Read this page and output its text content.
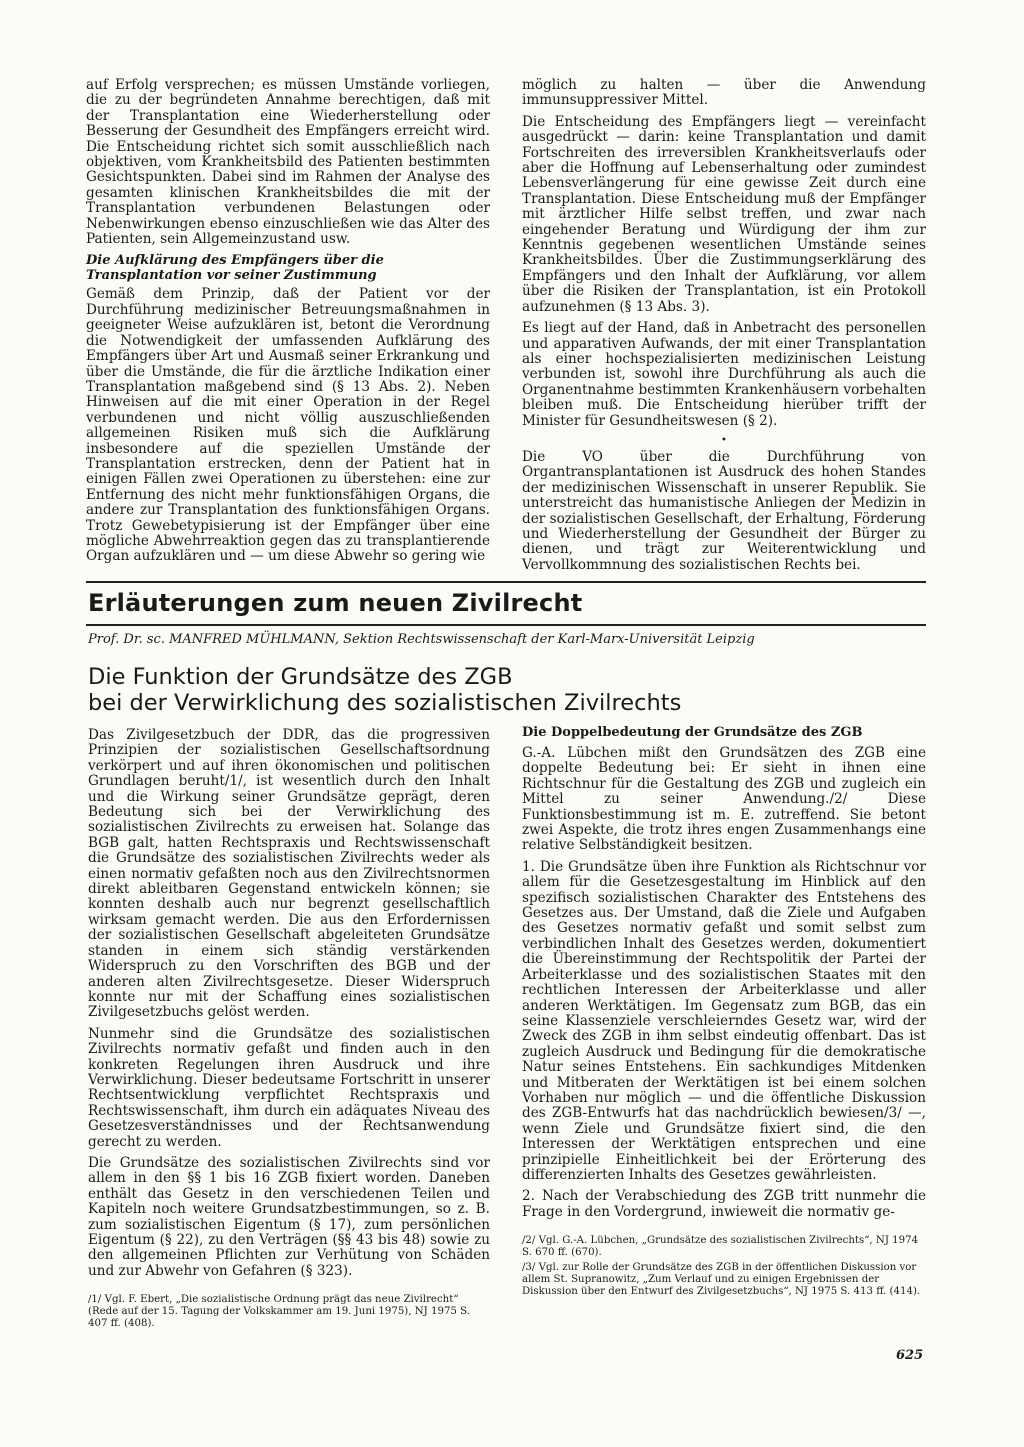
auf Erfolg versprechen; es müssen Umstände vorliegen, die zu der begründeten Annahme berechtigen, daß mit der Transplantation eine Wiederherstellung oder Besserung der Gesundheit des Empfängers erreicht wird. Die Entscheidung richtet sich somit ausschließlich nach objektiven, vom Krankheitsbild des Patienten bestimmten Gesichtspunkten. Dabei sind im Rahmen der Analyse des gesamten klinischen Krankheitsbildes die mit der Transplantation verbundenen Belastungen oder Nebenwirkungen ebenso einzuschließen wie das Alter des Patienten, sein Allgemeinzustand usw.

Die Aufklärung des Empfängers über die Transplantation vor seiner Zustimmung

Gemäß dem Prinzip, daß der Patient vor der Durchführung medizinischer Betreuungsmaßnahmen in geeigneter Weise aufzuklären ist, betont die Verordnung die Notwendigkeit der umfassenden Aufklärung des Empfängers über Art und Ausmaß seiner Erkrankung und über die Umstände, die für die ärztliche Indikation einer Transplantation maßgebend sind (§ 13 Abs. 2). Neben Hinweisen auf die mit einer Operation in der Regel verbundenen und nicht völlig auszuschließenden allgemeinen Risiken muß sich die Aufklärung insbesondere auf die speziellen Umstände der Transplantation erstrecken, denn der Patient hat in einigen Fällen zwei Operationen zu überstehen: eine zur Entfernung des nicht mehr funktionsfähigen Organs, die andere zur Transplantation des funktionsfähigen Organs. Trotz Gewebetypisierung ist der Empfänger über eine mögliche Abwehrreaktion gegen das zu transplantierende Organ aufzuklären und — um diese Abwehr so gering wie

möglich zu halten — über die Anwendung immunsuppressiver Mittel.

Die Entscheidung des Empfängers liegt — vereinfacht ausgedrückt — darin: keine Transplantation und damit Fortschreiten des irreversiblen Krankheitsverlaufs oder aber die Hoffnung auf Lebenserhaltung oder zumindest Lebensverlängerung für eine gewisse Zeit durch eine Transplantation. Diese Entscheidung muß der Empfänger mit ärztlicher Hilfe selbst treffen, und zwar nach eingehender Beratung und Würdigung der ihm zur Kenntnis gegebenen wesentlichen Umstände seines Krankheitsbildes. Über die Zustimmungserklärung des Empfängers und den Inhalt der Aufklärung, vor allem über die Risiken der Transplantation, ist ein Protokoll aufzunehmen (§ 13 Abs. 3).

Es liegt auf der Hand, daß in Anbetracht des personellen und apparativen Aufwands, der mit einer Transplantation als einer hochspezialisierten medizinischen Leistung verbunden ist, sowohl ihre Durchführung als auch die Organentnahme bestimmten Krankenhäusern vorbehalten bleiben muß. Die Entscheidung hierüber trifft der Minister für Gesundheitswesen (§ 2).

•

Die VO über die Durchführung von Organtransplantationen ist Ausdruck des hohen Standes der medizinischen Wissenschaft in unserer Republik. Sie unterstreicht das humanistische Anliegen der Medizin in der sozialistischen Gesellschaft, der Erhaltung, Förderung und Wiederherstellung der Gesundheit der Bürger zu dienen, und trägt zur Weiterentwicklung und Vervollkommnung des sozialistischen Rechts bei.

Erläuterungen zum neuen Zivilrecht
Prof. Dr. sc. MANFRED MÜHLMANN, Sektion Rechtswissenschaft der Karl-Marx-Universität Leipzig
Die Funktion der Grundsätze des ZGB
bei der Verwirklichung des sozialistischen Zivilrechts

Das Zivilgesetzbuch der DDR, das die progressiven Prinzipien der sozialistischen Gesellschaftsordnung verkörpert und auf ihren ökonomischen und politischen Grundlagen beruht/1/, ist wesentlich durch den Inhalt und die Wirkung seiner Grundsätze geprägt, deren Bedeutung sich bei der Verwirklichung des sozialistischen Zivilrechts zu erweisen hat. Solange das BGB galt, hatten Rechtspraxis und Rechtswissenschaft die Grundsätze des sozialistischen Zivilrechts weder als einen normativ gefaßten noch aus den Zivilrechtsnormen direkt ableitbaren Gegenstand entwickeln können; sie konnten deshalb auch nur begrenzt gesellschaftlich wirksam gemacht werden. Die aus den Erfordernissen der sozialistischen Gesellschaft abgeleiteten Grundsätze standen in einem sich ständig verstärkenden Widerspruch zu den Vorschriften des BGB und der anderen alten Zivilrechtsgesetze. Dieser Widerspruch konnte nur mit der Schaffung eines sozialistischen Zivilgesetzbuchs gelöst werden.

Nunmehr sind die Grundsätze des sozialistischen Zivilrechts normativ gefaßt und finden auch in den konkreten Regelungen ihren Ausdruck und ihre Verwirklichung. Dieser bedeutsame Fortschritt in unserer Rechtsentwicklung verpflichtet Rechtspraxis und Rechtswissenschaft, ihm durch ein adäquates Niveau des Gesetzesverständnisses und der Rechtsanwendung gerecht zu werden.

Die Grundsätze des sozialistischen Zivilrechts sind vor allem in den §§ 1 bis 16 ZGB fixiert worden. Daneben enthält das Gesetz in den verschiedenen Teilen und Kapiteln noch weitere Grundsatzbestimmungen, so z. B. zum sozialistischen Eigentum (§ 17), zum persönlichen Eigentum (§ 22), zu den Verträgen (§§ 43 bis 48) sowie zu den allgemeinen Pflichten zur Verhütung von Schäden und zur Abwehr von Gefahren (§ 323).

/1/ Vgl. F. Ebert, „Die sozialistische Ordnung prägt das neue Zivilrecht“ (Rede auf der 15. Tagung der Volkskammer am 19. Juni 1975), NJ 1975 S. 407 ff. (408).

Die Doppelbedeutung der Grundsätze des ZGB

G.-A. Lübchen mißt den Grundsätzen des ZGB eine doppelte Bedeutung bei: Er sieht in ihnen eine Richtschnur für die Gestaltung des ZGB und zugleich ein Mittel zu seiner Anwendung./2/ Diese Funktionsbestimmung ist m. E. zutreffend. Sie betont zwei Aspekte, die trotz ihres engen Zusammenhangs eine relative Selbständigkeit besitzen.

1. Die Grundsätze üben ihre Funktion als Richtschnur vor allem für die Gesetzesgestaltung im Hinblick auf den spezifisch sozialistischen Charakter des Entstehens des Gesetzes aus. Der Umstand, daß die Ziele und Aufgaben des Gesetzes normativ gefaßt und somit selbst zum verbindlichen Inhalt des Gesetzes werden, dokumentiert die Übereinstimmung der Rechtspolitik der Partei der Arbeiterklasse und des sozialistischen Staates mit den rechtlichen Interessen der Arbeiterklasse und aller anderen Werktätigen. Im Gegensatz zum BGB, das ein seine Klassenziele verschleierndes Gesetz war, wird der Zweck des ZGB in ihm selbst eindeutig offenbart. Das ist zugleich Ausdruck und Bedingung für die demokratische Natur seines Entstehens. Ein sachkundiges Mitdenken und Mitberaten der Werktätigen ist bei einem solchen Vorhaben nur möglich — und die öffentliche Diskussion des ZGB-Entwurfs hat das nachdrücklich bewiesen/3/ —, wenn Ziele und Grundsätze fixiert sind, die den Interessen der Werktätigen entsprechen und eine prinzipielle Einheitlichkeit bei der Erörterung des differenzierten Inhalts des Gesetzes gewährleisten.

2. Nach der Verabschiedung des ZGB tritt nunmehr die Frage in den Vordergrund, inwieweit die normativ ge-

/2/ Vgl. G.-A. Lübchen, „Grundsätze des sozialistischen Zivilrechts“, NJ 1974 S. 670 ff. (670).

/3/ Vgl. zur Rolle der Grundsätze des ZGB in der öffentlichen Diskussion vor allem St. Supranowitz, „Zum Verlauf und zu einigen Ergebnissen der Diskussion über den Entwurf des Zivilgesetzbuchs“, NJ 1975 S. 413 ff. (414).

625
